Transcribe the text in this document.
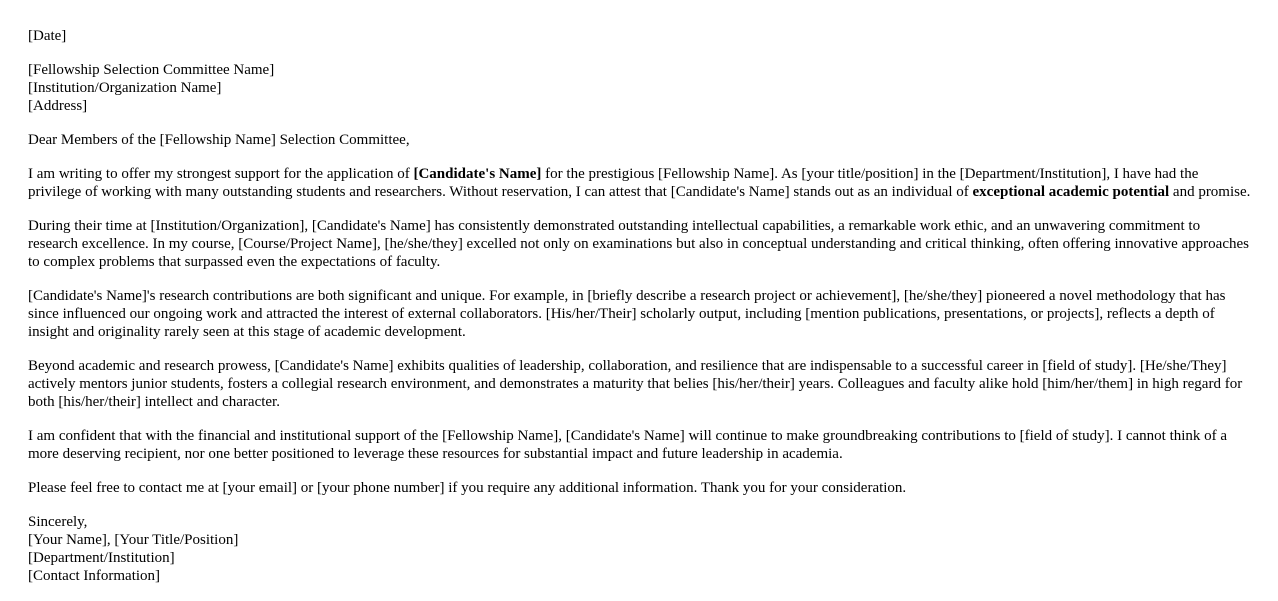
[Date]
[Fellowship Selection Committee Name]
[Institution/Organization Name]
[Address]
Dear Members of the [Fellowship Name] Selection Committee,

I am writing to offer my strongest support for the application of [Candidate's Name] for the prestigious [Fellowship Name]. As [your title/position] in the [Department/Institution], I have had the privilege of working with many outstanding students and researchers. Without reservation, I can attest that [Candidate's Name] stands out as an individual of exceptional academic potential and promise.

During their time at [Institution/Organization], [Candidate's Name] has consistently demonstrated outstanding intellectual capabilities, a remarkable work ethic, and an unwavering commitment to research excellence. In my course, [Course/Project Name], [he/she/they] excelled not only on examinations but also in conceptual understanding and critical thinking, often offering innovative approaches to complex problems that surpassed even the expectations of faculty.

[Candidate's Name]'s research contributions are both significant and unique. For example, in [briefly describe a research project or achievement], [he/she/they] pioneered a novel methodology that has since influenced our ongoing work and attracted the interest of external collaborators. [His/her/Their] scholarly output, including [mention publications, presentations, or projects], reflects a depth of insight and originality rarely seen at this stage of academic development.

Beyond academic and research prowess, [Candidate's Name] exhibits qualities of leadership, collaboration, and resilience that are indispensable to a successful career in [field of study]. [He/she/They] actively mentors junior students, fosters a collegial research environment, and demonstrates a maturity that belies [his/her/their] years. Colleagues and faculty alike hold [him/her/them] in high regard for both [his/her/their] intellect and character.

I am confident that with the financial and institutional support of the [Fellowship Name], [Candidate's Name] will continue to make groundbreaking contributions to [field of study]. I cannot think of a more deserving recipient, nor one better positioned to leverage these resources for substantial impact and future leadership in academia.

Please feel free to contact me at [your email] or [your phone number] if you require any additional information. Thank you for your consideration.

Sincerely,
[Your Name], [Your Title/Position]
[Department/Institution]
[Contact Information]
